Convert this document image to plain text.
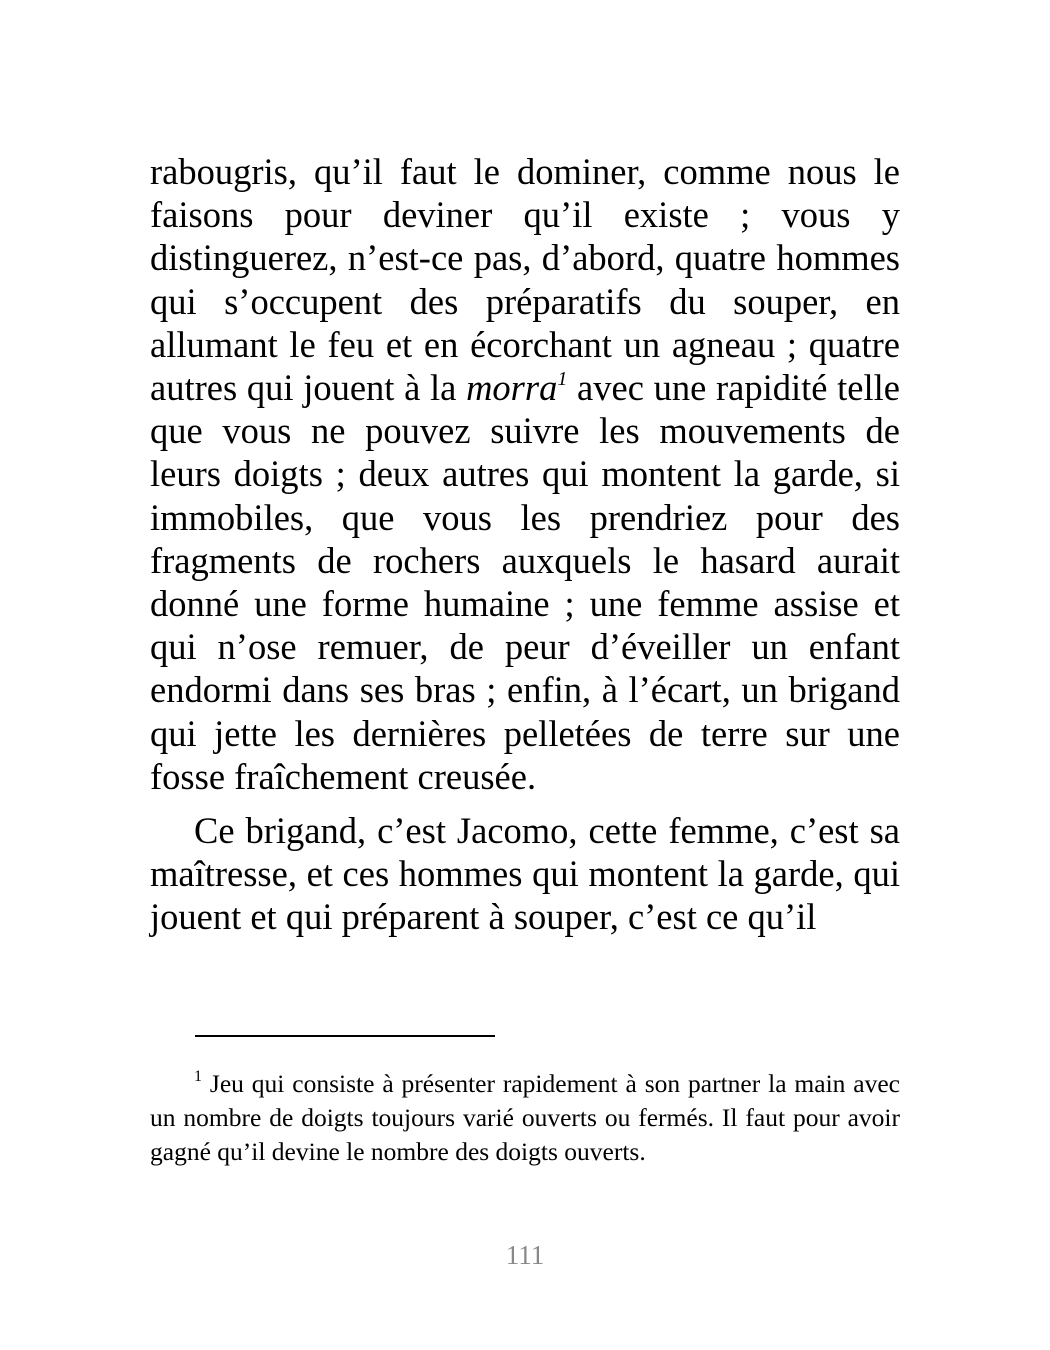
rabougris, qu’il faut le dominer, comme nous le faisons pour deviner qu’il existe ; vous y distinguerez, n’est-ce pas, d’abord, quatre hommes qui s’occupent des préparatifs du souper, en allumant le feu et en écorchant un agneau ; quatre autres qui jouent à la morra$^1$ avec une rapidité telle que vous ne pouvez suivre les mouvements de leurs doigts ; deux autres qui montent la garde, si immobiles, que vous les prendriez pour des fragments de rochers auxquels le hasard aurait donné une forme humaine ; une femme assise et qui n’ose remuer, de peur d’éveiller un enfant endormi dans ses bras ; enfin, à l’écart, un brigand qui jette les dernières pelletées de terre sur une fosse fraîchement creusée.

Ce brigand, c’est Jacomo, cette femme, c’est sa maîtresse, et ces hommes qui montent la garde, qui jouent et qui préparent à souper, c’est ce qu’il

$^1$ Jeu qui consiste à présenter rapidement à son partner la main avec un nombre de doigts toujours varié ouverts ou fermés. Il faut pour avoir gagné qu’il devine le nombre des doigts ouverts.

111
